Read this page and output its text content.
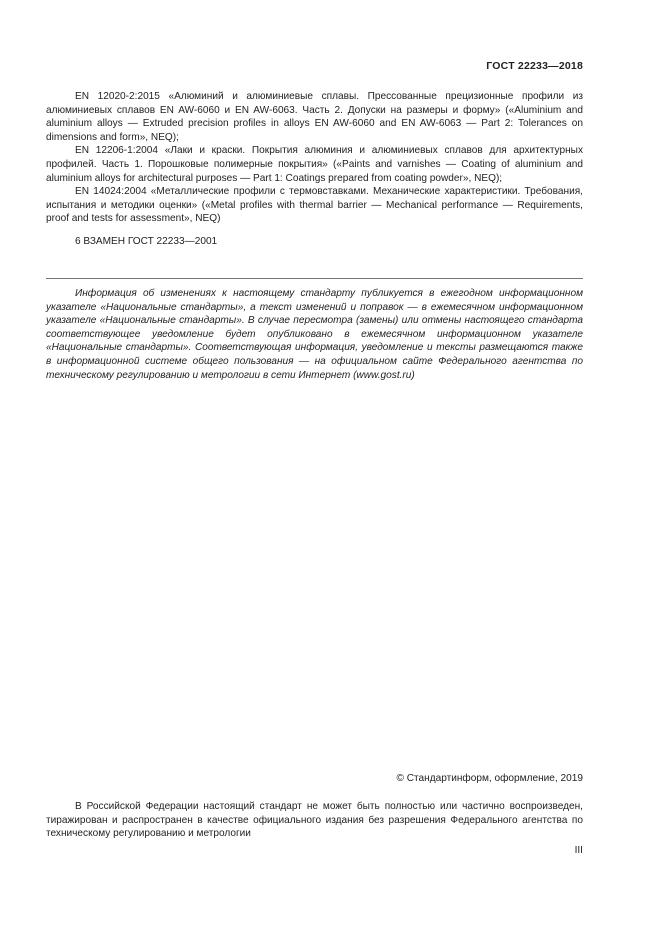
ГОСТ 22233—2018

EN 12020-2:2015 «Алюминий и алюминиевые сплавы. Прессованные прецизионные профили из алюминиевых сплавов EN AW-6060 и EN AW-6063. Часть 2. Допуски на размеры и форму» («Aluminium and aluminium alloys — Extruded precision profiles in alloys EN AW-6060 and EN AW-6063 — Part 2: Tolerances on dimensions and form», NEQ);

EN 12206-1:2004 «Лаки и краски. Покрытия алюминия и алюминиевых сплавов для архитектурных профилей. Часть 1. Порошковые полимерные покрытия» («Paints and varnishes — Coating of aluminium and aluminium alloys for architectural purposes — Part 1: Coatings prepared from coating powder», NEQ);

EN 14024:2004 «Металлические профили с термовставками. Механические характеристики. Требования, испытания и методики оценки» («Metal profiles with thermal barrier — Mechanical performance — Requirements, proof and tests for assessment», NEQ)

6 ВЗАМЕН ГОСТ 22233—2001

Информация об изменениях к настоящему стандарту публикуется в ежегодном информационном указателе «Национальные стандарты», а текст изменений и поправок — в ежемесячном информационном указателе «Национальные стандарты». В случае пересмотра (замены) или отмены настоящего стандарта соответствующее уведомление будет опубликовано в ежемесячном информационном указателе «Национальные стандарты». Соответствующая информация, уведомление и тексты размещаются также в информационной системе общего пользования — на официальном сайте Федерального агентства по техническому регулированию и метрологии в сети Интернет (www.gost.ru)

© Стандартинформ, оформление, 2019

В Российской Федерации настоящий стандарт не может быть полностью или частично воспроизведен, тиражирован и распространен в качестве официального издания без разрешения Федерального агентства по техническому регулированию и метрологии

III
